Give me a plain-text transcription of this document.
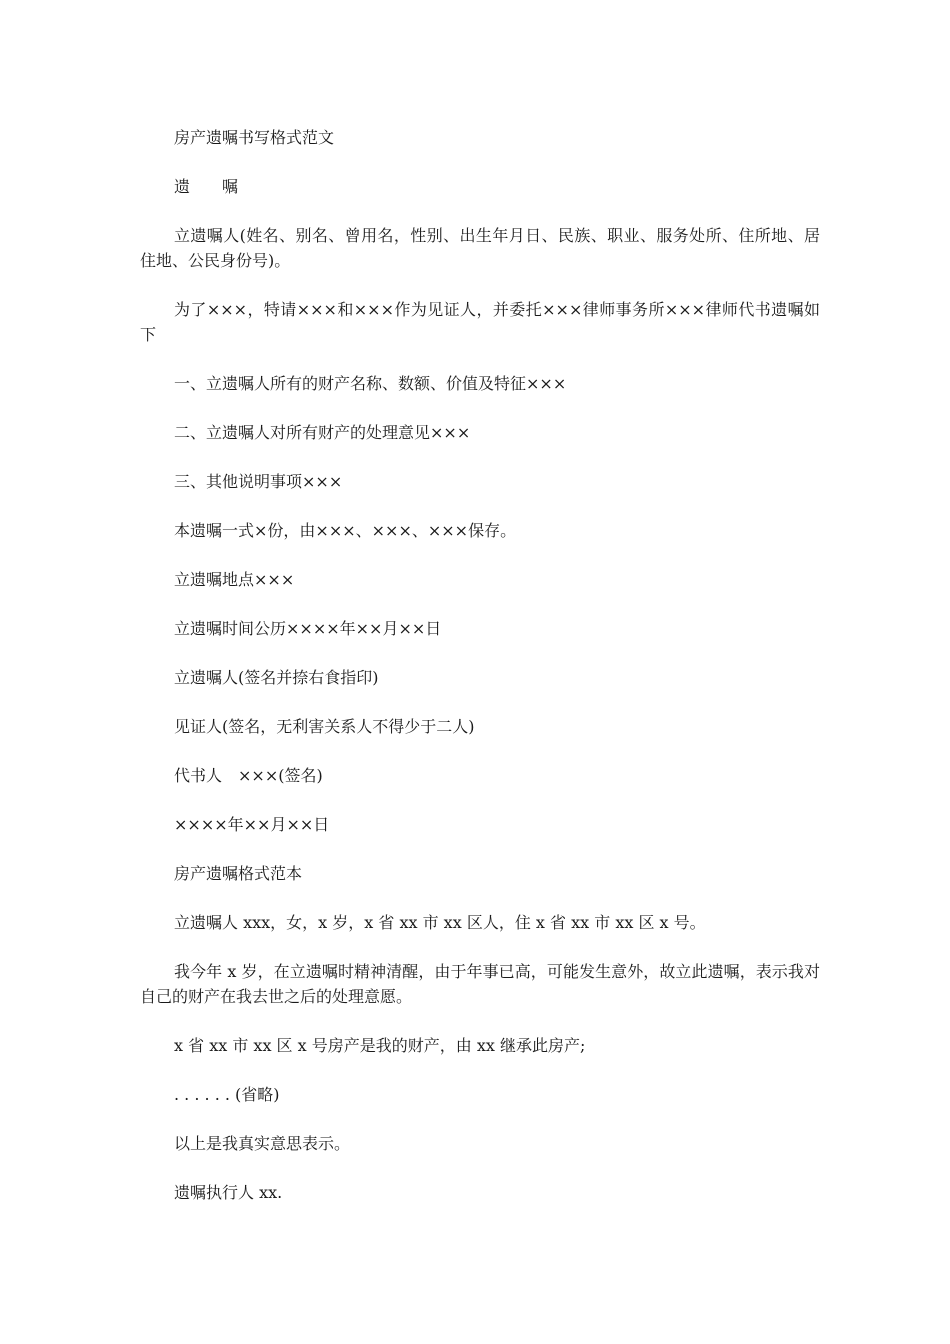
房产遗嘱书写格式范文

遗　　嘱

立遗嘱人(姓名、别名、曾用名，性别、出生年月日、民族、职业、服务处所、住所地、居住地、公民身份号)。

为了×××，特请×××和×××作为见证人，并委托×××律师事务所×××律师代书遗嘱如下

一、立遗嘱人所有的财产名称、数额、价值及特征×××

二、立遗嘱人对所有财产的处理意见×××

三、其他说明事项×××

本遗嘱一式×份，由×××、×××、×××保存。

立遗嘱地点×××

立遗嘱时间公历××××年××月××日

立遗嘱人(签名并捺右食指印)

见证人(签名，无利害关系人不得少于二人)

代书人　×××(签名)

××××年××月××日

房产遗嘱格式范本

立遗嘱人 xxx，女，x 岁，x 省 xx 市 xx 区人，住 x 省 xx 市 xx 区 x 号。

我今年 x 岁，在立遗嘱时精神清醒，由于年事已高，可能发生意外，故立此遗嘱，表示我对自己的财产在我去世之后的处理意愿。

x 省 xx 市 xx 区 x 号房产是我的财产，由 xx 继承此房产;

. . . . . . (省略)

以上是我真实意思表示。

遗嘱执行人 xx.
